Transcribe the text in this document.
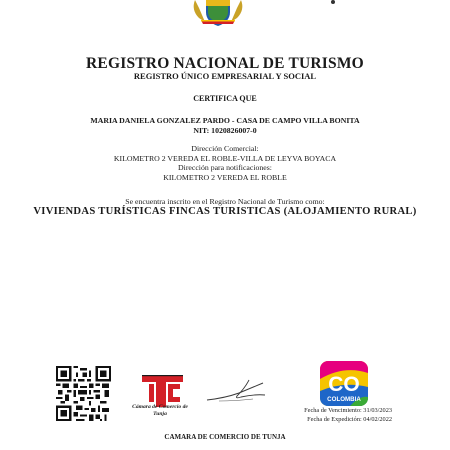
REGISTRO NACIONAL DE TURISMO
REGISTRO ÚNICO EMPRESARIAL Y SOCIAL
CERTIFICA QUE
MARIA DANIELA GONZALEZ PARDO - CASA DE CAMPO VILLA BONITA
NIT: 1020826007-0
Dirección Comercial:
KILOMETRO 2 VEREDA EL ROBLE-VILLA DE LEYVA BOYACA
Dirección para notificaciones:
KILOMETRO 2 VEREDA EL ROBLE
Se encuentra inscrito en el Registro Nacional de Turismo como:
VIVIENDAS TURÍSTICAS FINCAS TURISTICAS (ALOJAMIENTO RURAL)
Cámara de Comercio de
Tunja
CO
COLOMBIA
Fecha de Vencimiento: 31/03/2023
Fecha de Expedición: 04/02/2022
CAMARA DE COMERCIO DE TUNJA
